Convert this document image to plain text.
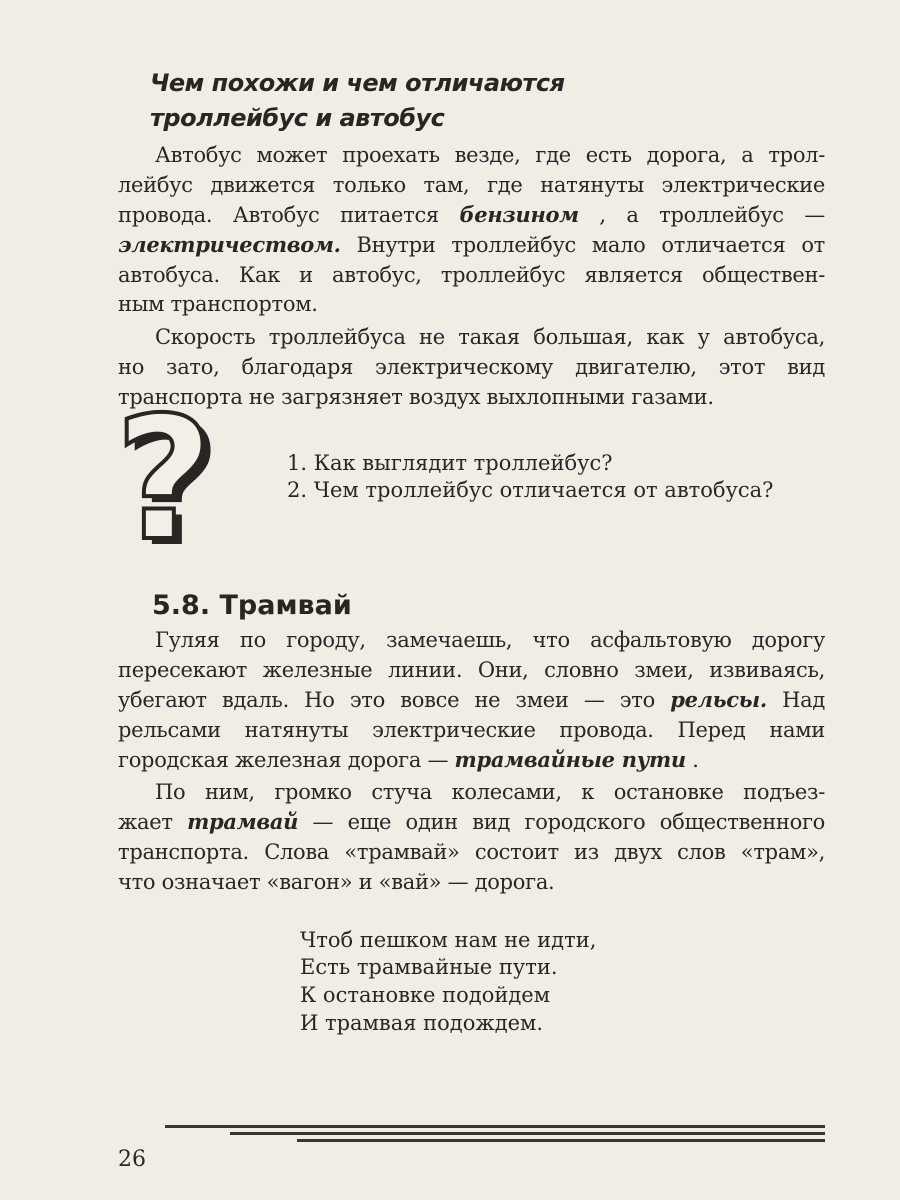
Чем похожи и чем отличаются
троллейбус и автобус
Автобус может проехать везде, где есть дорога, а трол-
лейбус движется только там, где натянуты электрические
провода. Автобус питается бензином , а троллейбус —
электричеством. Внутри троллейбус мало отличается от
автобуса. Как и автобус, троллейбус является обществен-
ным транспортом.
Скорость троллейбуса не такая большая, как у автобуса,
но зато, благодаря электрическому двигателю, этот вид
транспорта не загрязняет воздух выхлопными газами.
?	1. Как выглядит троллейбус?
2. Чем троллейбус отличается от автобуса?
5.8. Трамвай
Гуляя по городу, замечаешь, что асфальтовую дорогу
пересекают железные линии. Они, словно змеи, извиваясь,
убегают вдаль. Но это вовсе не змеи — это рельсы. Над
рельсами натянуты электрические провода. Перед нами
городская железная дорога — трамвайные пути .
По ним, громко стуча колесами, к остановке подъез-
жает трамвай — еще один вид городского общественного
транспорта. Слова «трамвай» состоит из двух слов «трам»,
что означает «вагон» и «вай» — дорога.
Чтоб пешком нам не идти,
Есть трамвайные пути.
К остановке подойдем
И трамвая подождем.
26
